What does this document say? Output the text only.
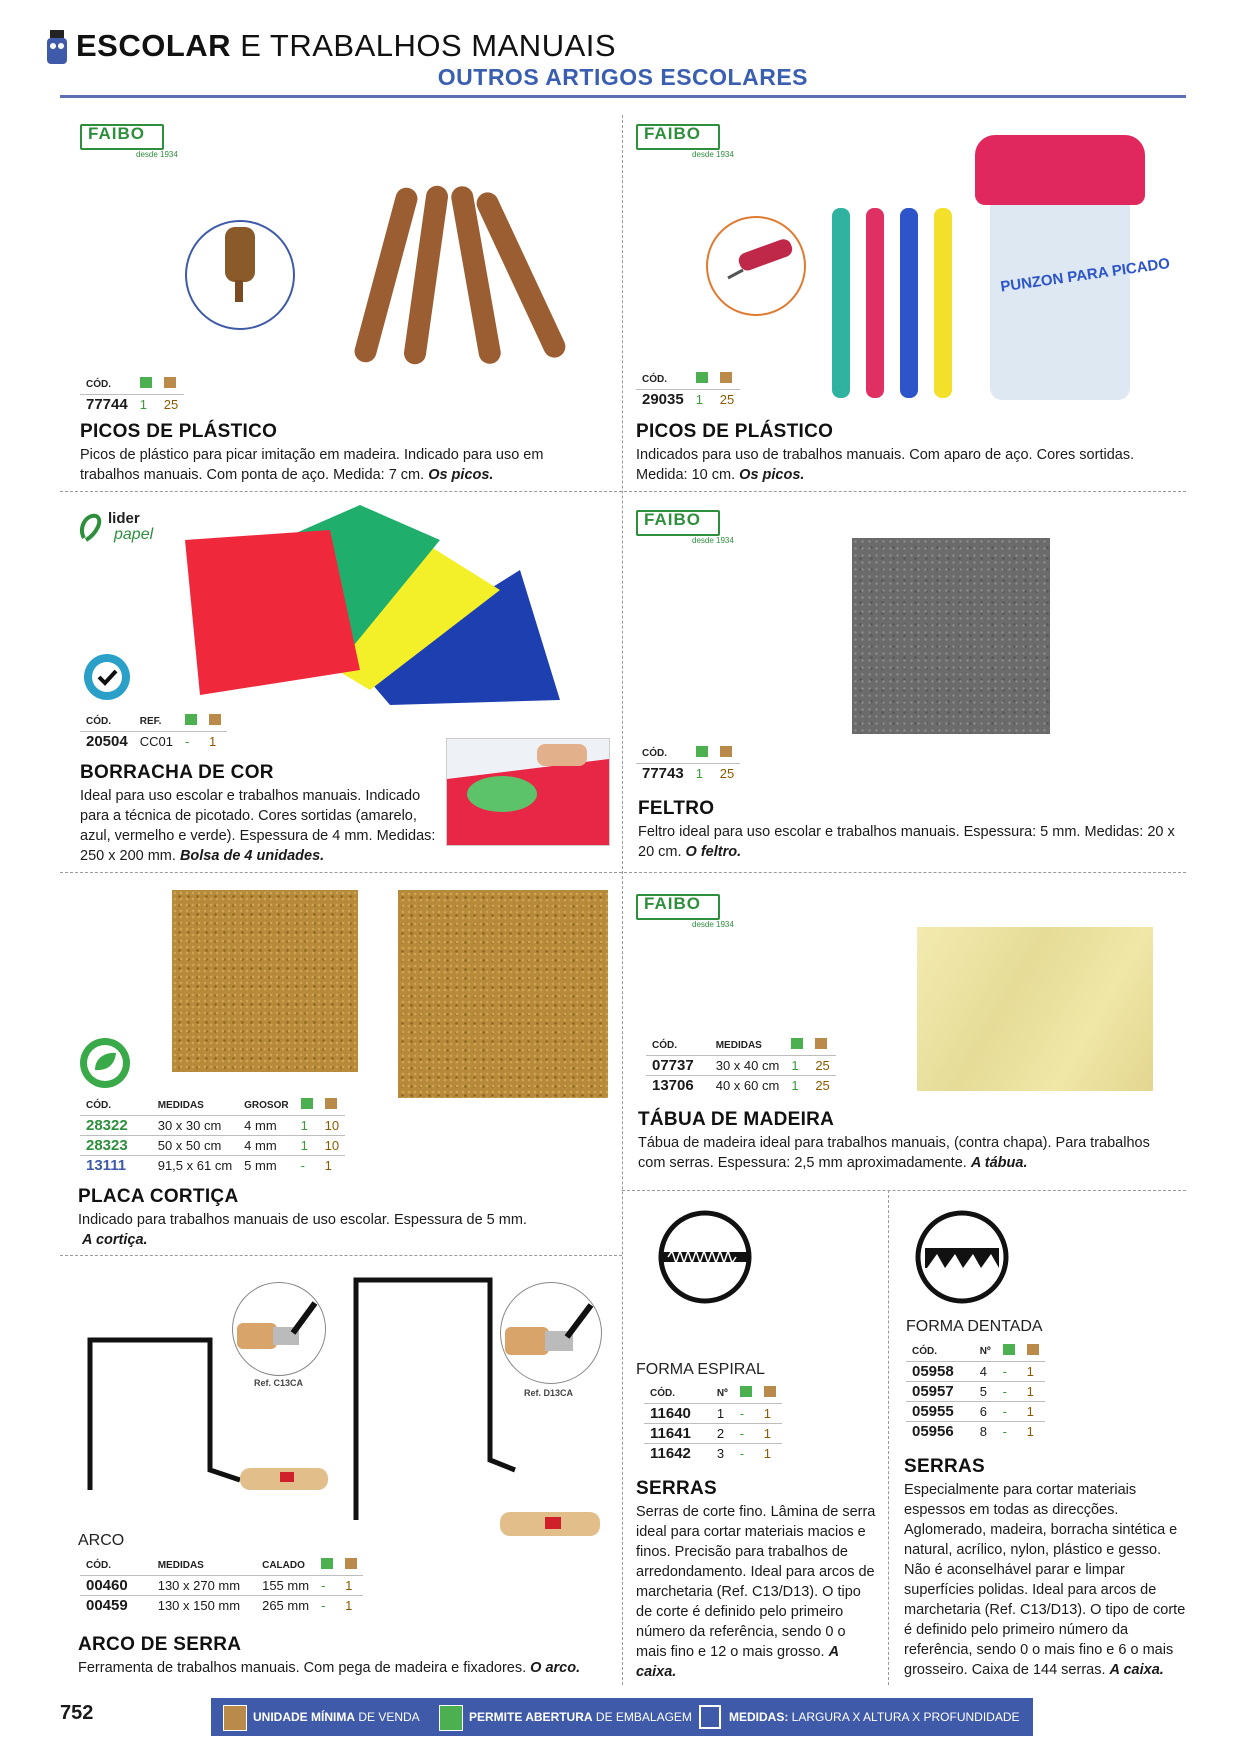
ESCOLAR E TRABALHOS MANUAIS
OUTROS ARTIGOS ESCOLARES
FAIBO
desde 1934
CÓD.		
77744	1	25
PICOS DE PLÁSTICO
Picos de plástico para picar imitação em madeira. Indicado para uso em trabalhos manuais. Com ponta de aço. Medida: 7 cm. Os picos.
FAIBO
desde 1934
PUNZON PARA PICADO
CÓD.		
29035	1	25
PICOS DE PLÁSTICO
Indicados para uso de trabalhos manuais. Com aparo de aço. Cores sortidas. Medida: 10 cm. Os picos.
lider
papel
CÓD.	REF.		
20504	CC01	-	1
BORRACHA DE COR
Ideal para uso escolar e trabalhos manuais. Indicado para a técnica de picotado. Cores sortidas (amarelo, azul, vermelho e verde). Espessura de 4 mm. Medidas: 250 x 200 mm. Bolsa de 4 unidades.
FAIBO
desde 1934
CÓD.		
77743	1	25
FELTRO
Feltro ideal para uso escolar e trabalhos manuais. Espessura: 5 mm. Medidas: 20 x 20 cm. O feltro.
CÓD.	MEDIDAS	GROSOR		
28322	30 x 30 cm	4 mm	1	10
28323	50 x 50 cm	4 mm	1	10
13111	91,5 x 61 cm	5 mm	-	1
PLACA CORTIÇA
Indicado para trabalhos manuais de uso escolar. Espessura de 5 mm.
A cortiça.
FAIBO
desde 1934
CÓD.	MEDIDAS		
07737	30 x 40 cm	1	25
13706	40 x 60 cm	1	25
TÁBUA DE MADEIRA
Tábua de madeira ideal para trabalhos manuais, (contra chapa). Para trabalhos com serras. Espessura: 2,5 mm aproximadamente. A tábua.
Ref. C13CA
Ref. D13CA
ARCO
CÓD.	MEDIDAS	CALADO		
00460	130 x 270 mm	155 mm	-	1
00459	130 x 150 mm	265 mm	-	1
ARCO DE SERRA
Ferramenta de trabalhos manuais. Com pega de madeira e fixadores. O arco.
FORMA ESPIRAL
CÓD.	Nº		
11640	1	-	1
11641	2	-	1
11642	3	-	1
SERRAS
Serras de corte fino. Lâmina de serra ideal para cortar materiais macios e finos. Precisão para trabalhos de arredondamento. Ideal para arcos de marchetaria (Ref. C13/D13). O tipo de corte é definido pelo primeiro número da referência, sendo 0 o mais fino e 12 o mais grosso. A caixa.
FORMA DENTADA
CÓD.	Nº		
05958	4	-	1
05957	5	-	1
05955	6	-	1
05956	8	-	1
SERRAS
Especialmente para cortar materiais espessos em todas as direcções. Aglomerado, madeira, borracha sintética e natural, acrílico, nylon, plástico e gesso. Não é aconselhável parar e limpar superfícies polidas. Ideal para arcos de marchetaria (Ref. C13/D13). O tipo de corte é definido pelo primeiro número da referência, sendo 0 o mais fino e 6 o mais grosseiro. Caixa de 144 serras. A caixa.
752	UNIDADE MÍNIMA DE VENDA	PERMITE ABERTURA DE EMBALAGEM	MEDIDAS: LARGURA X ALTURA X PROFUNDIDADE
